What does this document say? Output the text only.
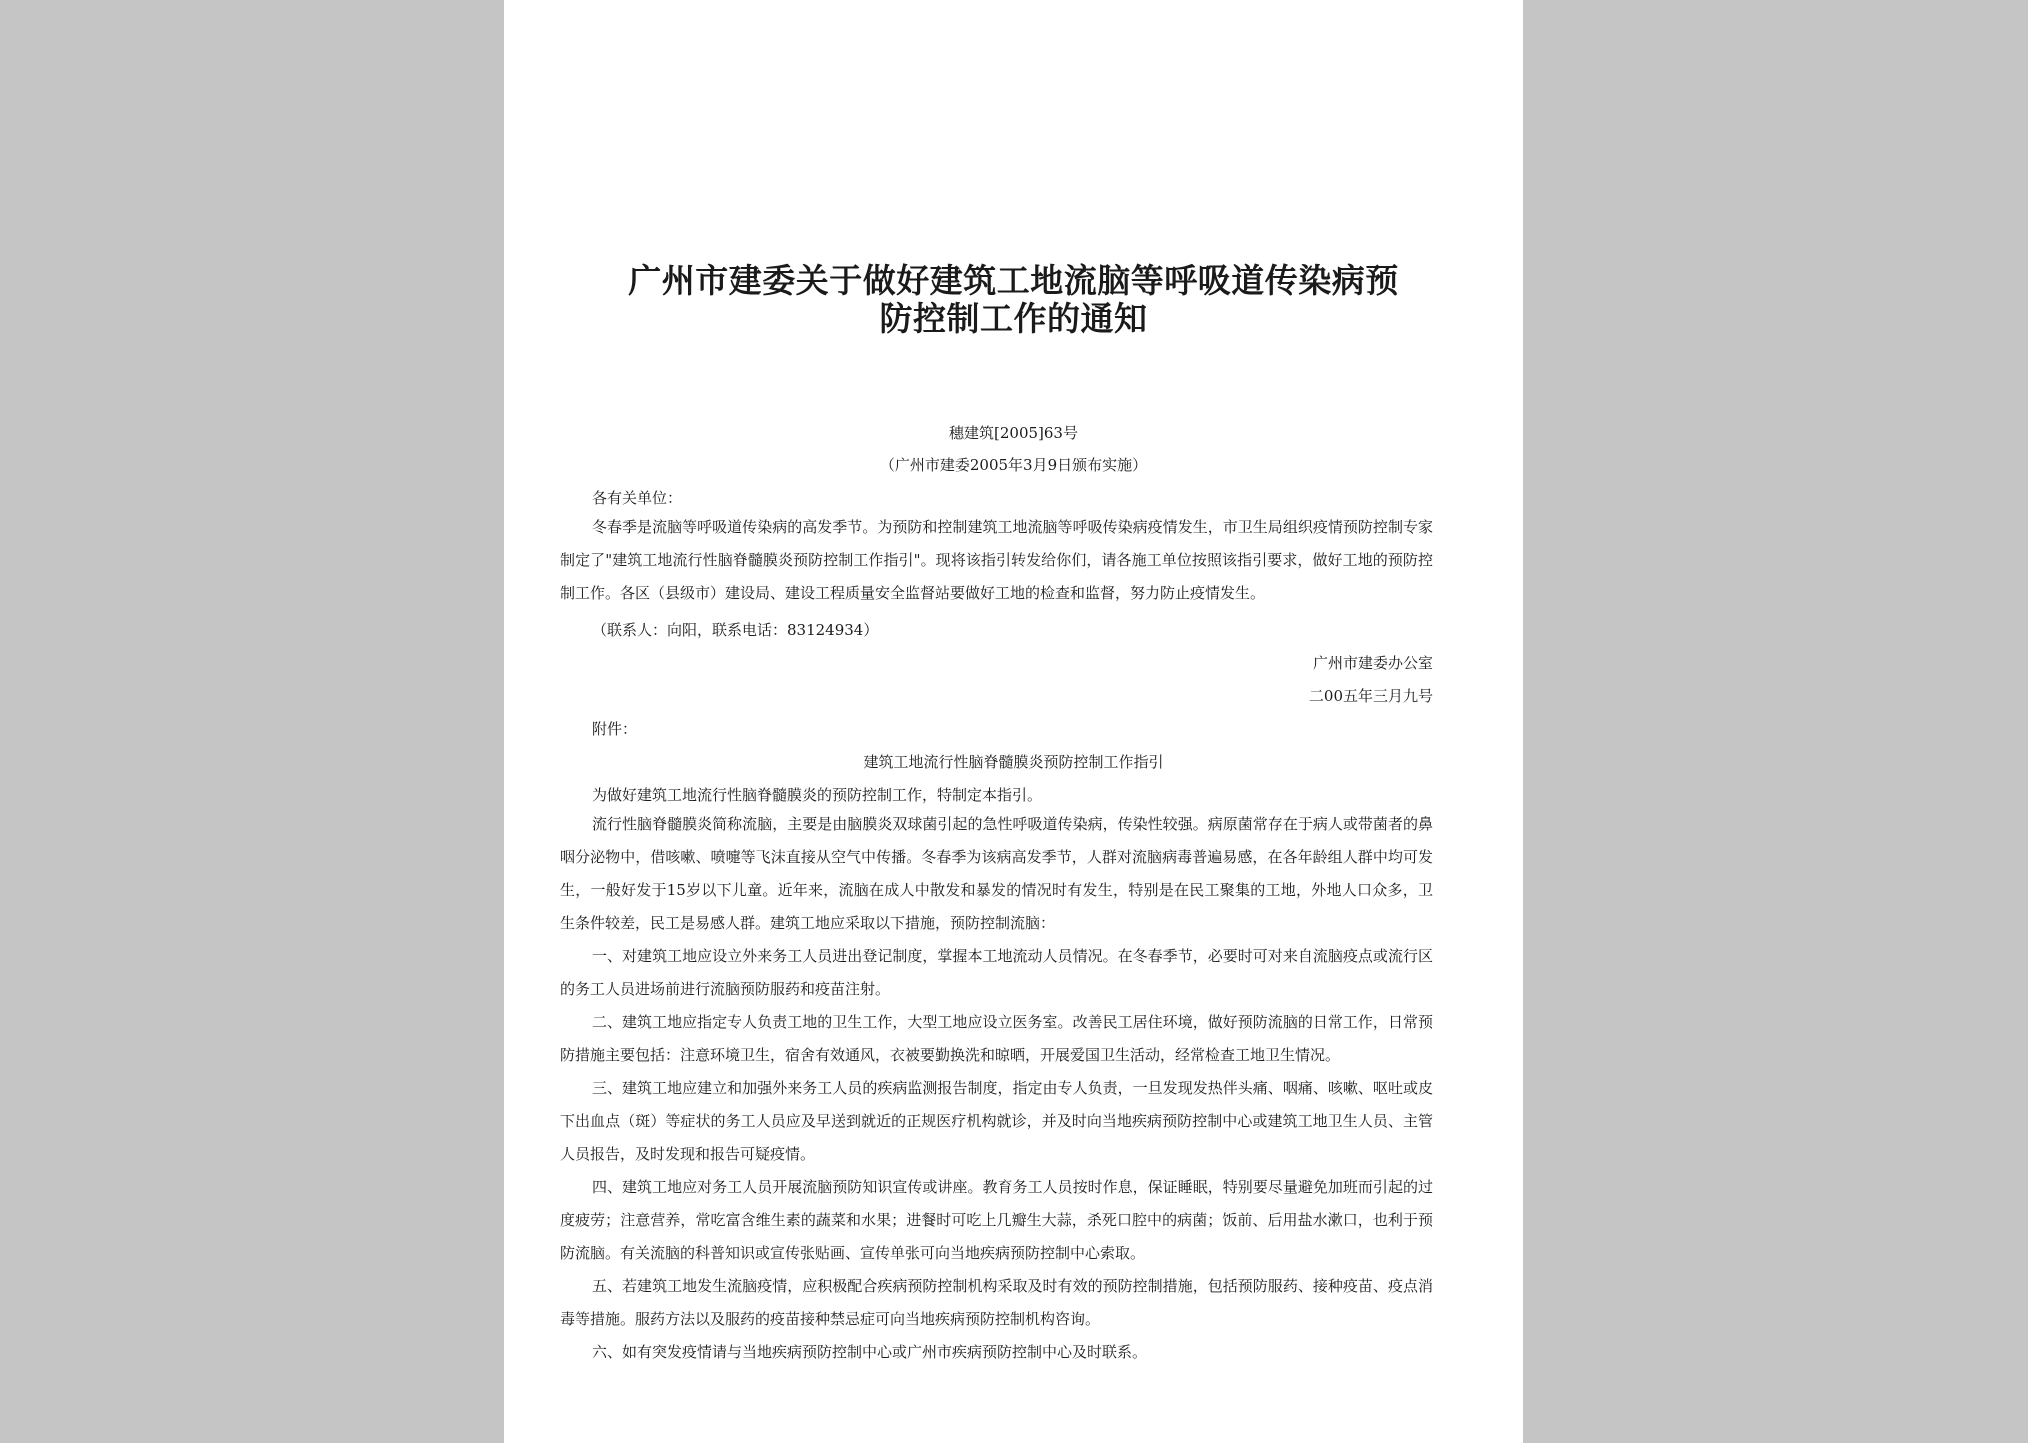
广州市建委关于做好建筑工地流脑等呼吸道传染病预
防控制工作的通知
穗建筑[2005]63号
（广州市建委2005年3月9日颁布实施）
各有关单位：

冬春季是流脑等呼吸道传染病的高发季节。为预防和控制建筑工地流脑等呼吸传染病疫情发生，市卫生局组织疫情预防控制专家制定了"建筑工地流行性脑脊髓膜炎预防控制工作指引"。现将该指引转发给你们，请各施工单位按照该指引要求，做好工地的预防控制工作。各区（县级市）建设局、建设工程质量安全监督站要做好工地的检查和监督，努力防止疫情发生。

（联系人：向阳，联系电话：83124934）
广州市建委办公室
二00五年三月九号
附件：
建筑工地流行性脑脊髓膜炎预防控制工作指引
为做好建筑工地流行性脑脊髓膜炎的预防控制工作，特制定本指引。

流行性脑脊髓膜炎简称流脑，主要是由脑膜炎双球菌引起的急性呼吸道传染病，传染性较强。病原菌常存在于病人或带菌者的鼻咽分泌物中，借咳嗽、喷嚏等飞沫直接从空气中传播。冬春季为该病高发季节，人群对流脑病毒普遍易感，在各年龄组人群中均可发生，一般好发于15岁以下儿童。近年来，流脑在成人中散发和暴发的情况时有发生，特别是在民工聚集的工地，外地人口众多，卫生条件较差，民工是易感人群。建筑工地应采取以下措施，预防控制流脑：

一、对建筑工地应设立外来务工人员进出登记制度，掌握本工地流动人员情况。在冬春季节，必要时可对来自流脑疫点或流行区的务工人员进场前进行流脑预防服药和疫苗注射。

二、建筑工地应指定专人负责工地的卫生工作，大型工地应设立医务室。改善民工居住环境，做好预防流脑的日常工作，日常预防措施主要包括：注意环境卫生，宿舍有效通风，衣被要勤换洗和晾晒，开展爱国卫生活动，经常检查工地卫生情况。

三、建筑工地应建立和加强外来务工人员的疾病监测报告制度，指定由专人负责，一旦发现发热伴头痛、咽痛、咳嗽、呕吐或皮下出血点（斑）等症状的务工人员应及早送到就近的正规医疗机构就诊，并及时向当地疾病预防控制中心或建筑工地卫生人员、主管人员报告，及时发现和报告可疑疫情。

四、建筑工地应对务工人员开展流脑预防知识宣传或讲座。教育务工人员按时作息，保证睡眠，特别要尽量避免加班而引起的过度疲劳；注意营养，常吃富含维生素的蔬菜和水果；进餐时可吃上几瓣生大蒜，杀死口腔中的病菌；饭前、后用盐水漱口，也利于预防流脑。有关流脑的科普知识或宣传张贴画、宣传单张可向当地疾病预防控制中心索取。

五、若建筑工地发生流脑疫情，应积极配合疾病预防控制机构采取及时有效的预防控制措施，包括预防服药、接种疫苗、疫点消毒等措施。服药方法以及服药的疫苗接种禁忌症可向当地疾病预防控制机构咨询。

六、如有突发疫情请与当地疾病预防控制中心或广州市疾病预防控制中心及时联系。
